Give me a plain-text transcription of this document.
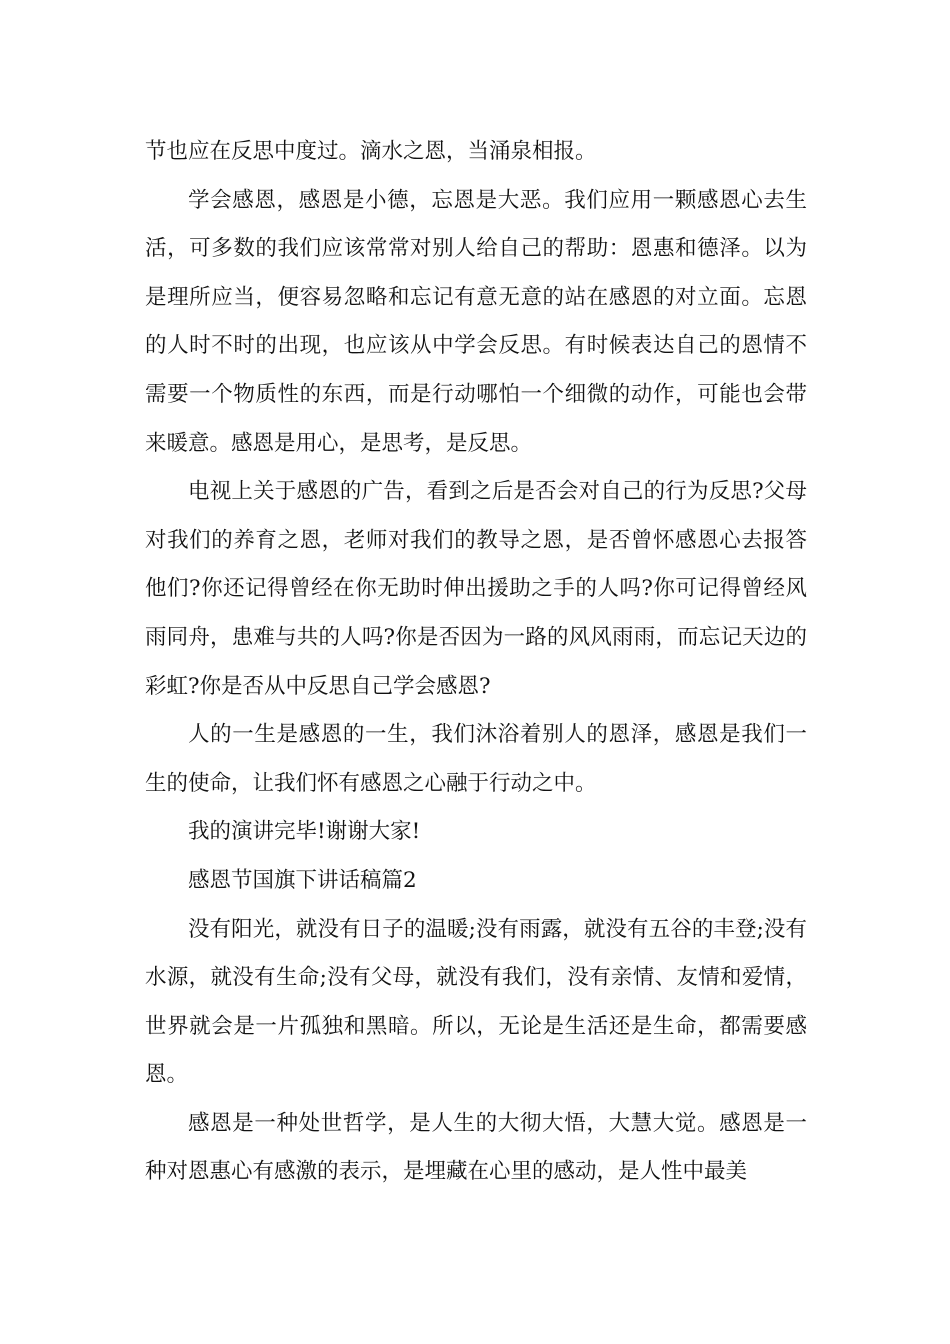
节也应在反思中度过。滴水之恩，当涌泉相报。

学会感恩，感恩是小德，忘恩是大恶。我们应用一颗感恩心去生活，可多数的我们应该常常对别人给自己的帮助：恩惠和德泽。以为是理所应当，便容易忽略和忘记有意无意的站在感恩的对立面。忘恩的人时不时的出现，也应该从中学会反思。有时候表达自己的恩情不需要一个物质性的东西，而是行动哪怕一个细微的动作，可能也会带来暖意。感恩是用心，是思考，是反思。

电视上关于感恩的广告，看到之后是否会对自己的行为反思?父母对我们的养育之恩，老师对我们的教导之恩，是否曾怀感恩心去报答他们?你还记得曾经在你无助时伸出援助之手的人吗?你可记得曾经风雨同舟，患难与共的人吗?你是否因为一路的风风雨雨，而忘记天边的彩虹?你是否从中反思自己学会感恩?

人的一生是感恩的一生，我们沐浴着别人的恩泽，感恩是我们一生的使命，让我们怀有感恩之心融于行动之中。

我的演讲完毕!谢谢大家!

感恩节国旗下讲话稿篇2

没有阳光，就没有日子的温暖;没有雨露，就没有五谷的丰登;没有水源，就没有生命;没有父母，就没有我们，没有亲情、友情和爱情，世界就会是一片孤独和黑暗。所以，无论是生活还是生命，都需要感恩。

感恩是一种处世哲学，是人生的大彻大悟，大慧大觉。感恩是一种对恩惠心有感激的表示，是埋藏在心里的感动，是人性中最美
